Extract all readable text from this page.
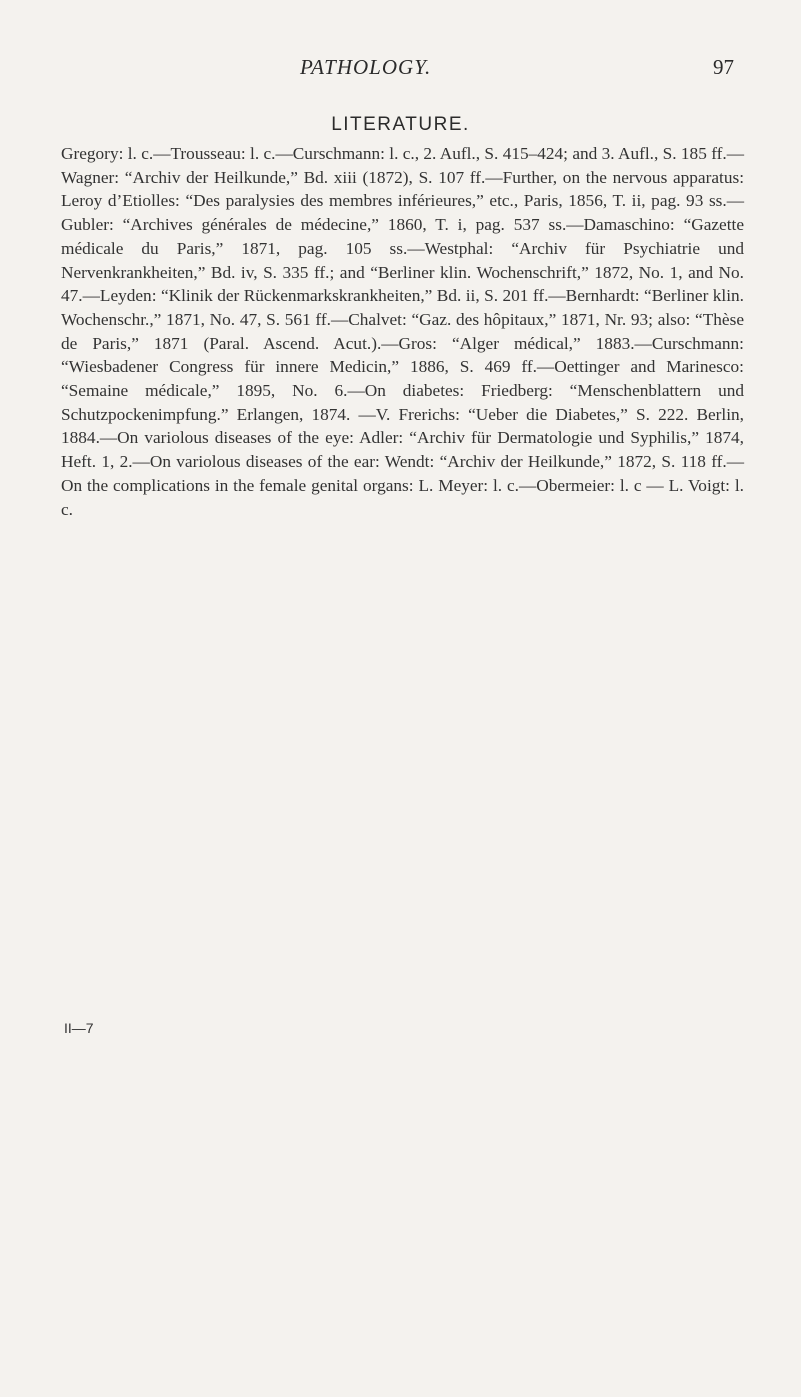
PATHOLOGY.	97
LITERATURE.
Gregory: l. c.—Trousseau: l. c.—Curschmann: l. c., 2. Aufl., S. 415–424; and 3. Aufl., S. 185 ff.—Wagner: “Archiv der Heilkunde,” Bd. xiii (1872), S. 107 ff.—Further, on the nervous apparatus: Leroy d’Etiolles: “Des paralysies des membres inférieures,” etc., Paris, 1856, T. ii, pag. 93 ss.—Gubler: “Archives générales de médecine,” 1860, T. i, pag. 537 ss.—Damaschino: “Gazette médicale du Paris,” 1871, pag. 105 ss.—Westphal: “Archiv für Psychiatrie und Nervenkrankheiten,” Bd. iv, S. 335 ff.; and “Berliner klin. Wochenschrift,” 1872, No. 1, and No. 47.—Leyden: “Klinik der Rückenmarkskrankheiten,” Bd. ii, S. 201 ff.—Bernhardt: “Berliner klin. Wochenschr.,” 1871, No. 47, S. 561 ff.—Chalvet: “Gaz. des hôpitaux,” 1871, Nr. 93; also: “Thèse de Paris,” 1871 (Paral. Ascend. Acut.).—Gros: “Alger médical,” 1883.—Curschmann: “Wiesbadener Congress für innere Medicin,” 1886, S. 469 ff.—Oettinger and Marinesco: “Semaine médicale,” 1895, No. 6.—On diabetes: Friedberg: “Menschenblattern und Schutzpockenimpfung.” Erlangen, 1874. —V. Frerichs: “Ueber die Diabetes,” S. 222. Berlin, 1884.—On variolous diseases of the eye: Adler: “Archiv für Dermatologie und Syphilis,” 1874, Heft. 1, 2.—On variolous diseases of the ear: Wendt: “Archiv der Heilkunde,” 1872, S. 118 ff.—On the complications in the female genital organs: L. Meyer: l. c.—Obermeier: l. c — L. Voigt: l. c.
II—7
